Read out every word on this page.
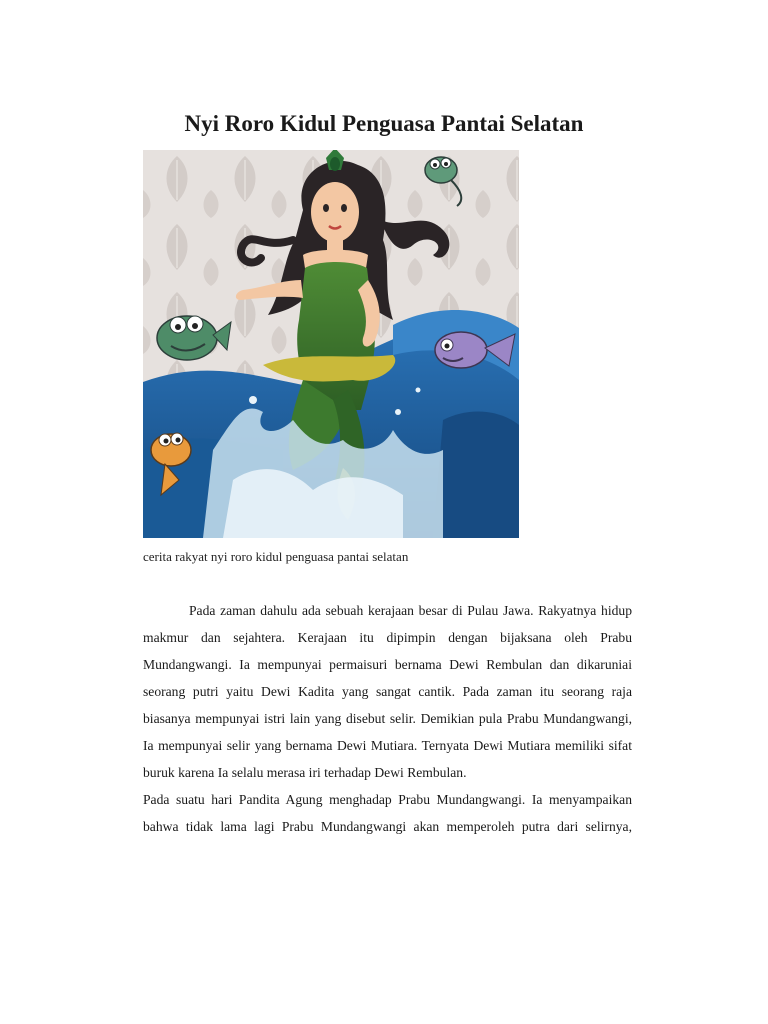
Nyi Roro Kidul Penguasa Pantai Selatan

cerita rakyat nyi roro kidul penguasa pantai selatan

Pada zaman dahulu ada sebuah kerajaan besar di Pulau Jawa. Rakyatnya hidup makmur dan sejahtera. Kerajaan itu dipimpin dengan bijaksana oleh Prabu Mundangwangi. Ia mempunyai permaisuri bernama Dewi Rembulan dan dikaruniai seorang putri yaitu Dewi Kadita yang sangat cantik. Pada zaman itu seorang raja biasanya mempunyai istri lain yang disebut selir. Demikian pula Prabu Mundangwangi, Ia mempunyai selir yang bernama Dewi Mutiara. Ternyata Dewi Mutiara memiliki sifat buruk karena Ia selalu merasa iri terhadap Dewi Rembulan.

Pada suatu hari Pandita Agung menghadap Prabu Mundangwangi. Ia menyampaikan bahwa tidak lama lagi Prabu Mundangwangi akan memperoleh putra dari selirnya,
